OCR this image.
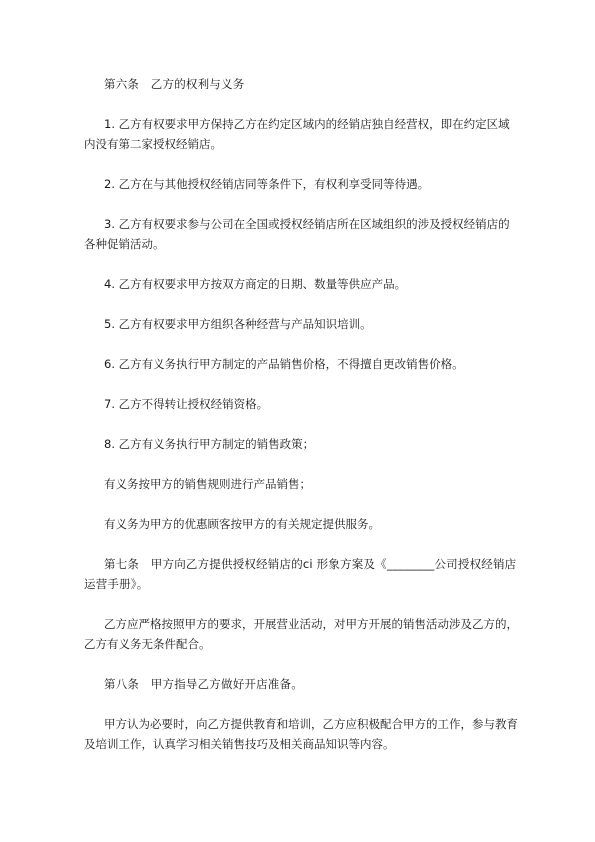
第六条　乙方的权利与义务

1. 乙方有权要求甲方保持乙方在约定区域内的经销店独自经营权，即在约定区域内没有第二家授权经销店。

2. 乙方在与其他授权经销店同等条件下，有权利享受同等待遇。

3. 乙方有权要求参与公司在全国或授权经销店所在区域组织的涉及授权经销店的各种促销活动。

4. 乙方有权要求甲方按双方商定的日期、数量等供应产品。

5. 乙方有权要求甲方组织各种经营与产品知识培训。

6. 乙方有义务执行甲方制定的产品销售价格，不得擅自更改销售价格。

7. 乙方不得转让授权经销资格。

8. 乙方有义务执行甲方制定的销售政策；

有义务按甲方的销售规则进行产品销售；

有义务为甲方的优惠顾客按甲方的有关规定提供服务。

第七条　甲方向乙方提供授权经销店的ci 形象方案及《________公司授权经销店运营手册》。

乙方应严格按照甲方的要求，开展营业活动，对甲方开展的销售活动涉及乙方的，乙方有义务无条件配合。

第八条　甲方指导乙方做好开店准备。

甲方认为必要时，向乙方提供教育和培训，乙方应积极配合甲方的工作，参与教育及培训工作，认真学习相关销售技巧及相关商品知识等内容。
